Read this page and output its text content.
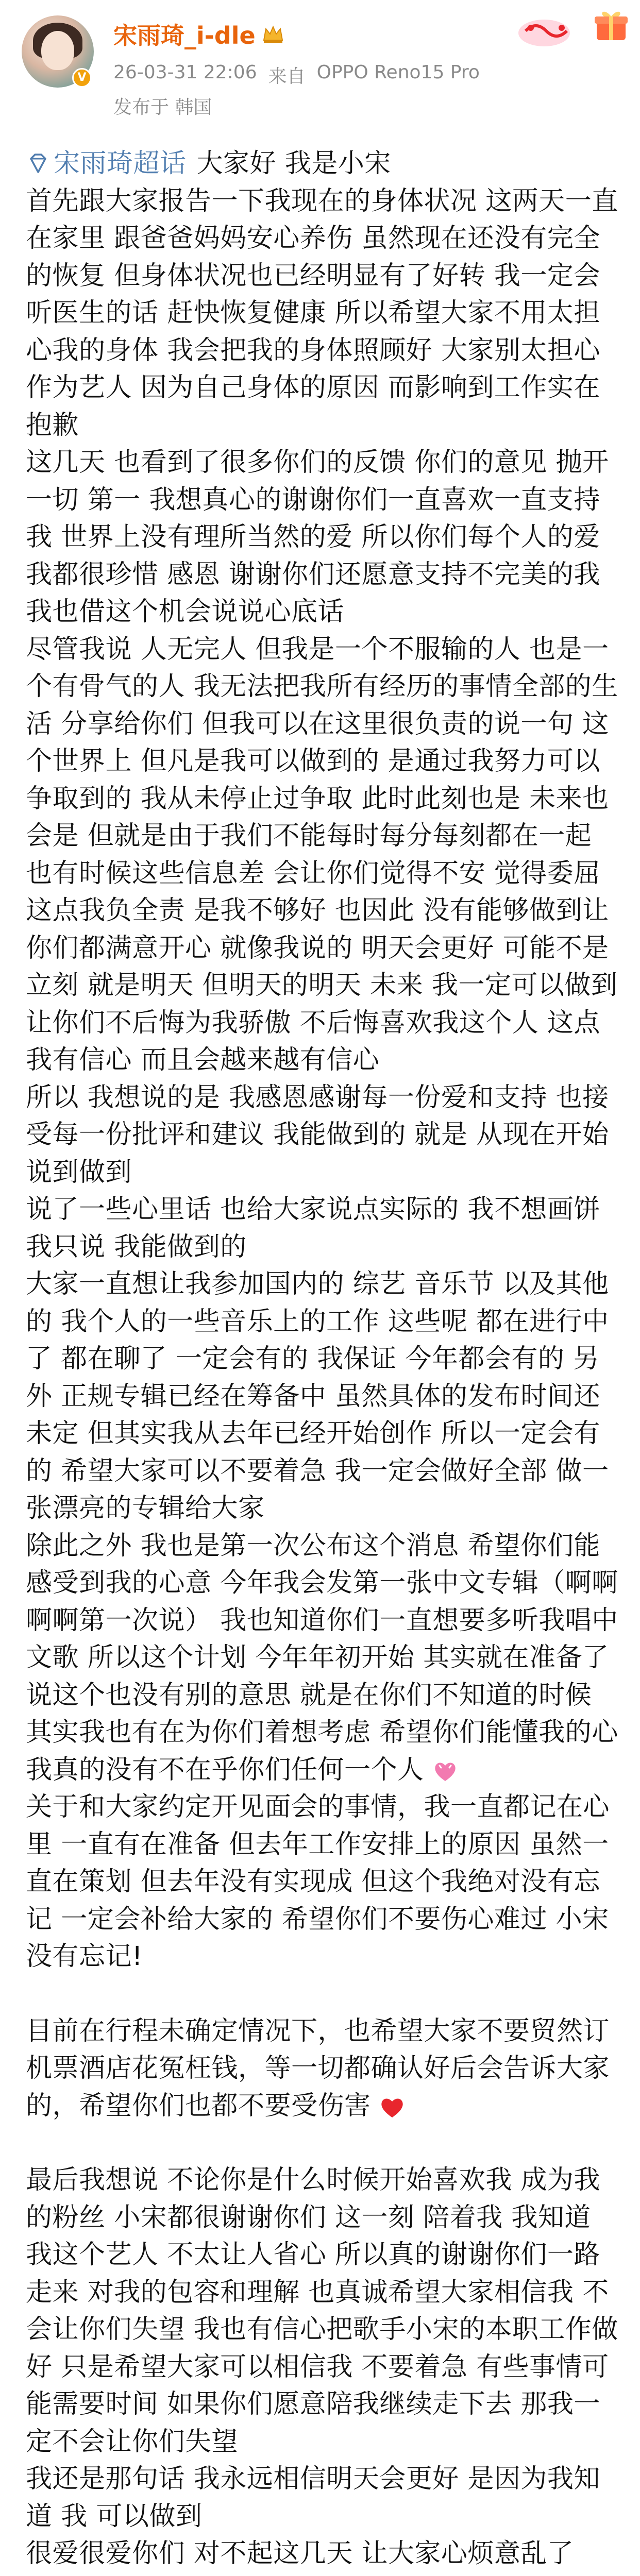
V
宋雨琦_i-dle
26-03-31 22:06 来自 OPPO Reno15 Pro
发布于 韩国

宋雨琦超话 大家好 我是小宋

首先跟大家报告一下我现在的身体状况 这两天一直在家里 跟爸爸妈妈安心养伤 虽然现在还没有完全的恢复 但身体状况也已经明显有了好转 我一定会听医生的话 赶快恢复健康 所以希望大家不用太担心我的身体 我会把我的身体照顾好 大家别太担心 作为艺人 因为自己身体的原因 而影响到工作实在抱歉

这几天 也看到了很多你们的反馈 你们的意见 抛开一切 第一 我想真心的谢谢你们一直喜欢一直支持我 世界上没有理所当然的爱 所以你们每个人的爱 我都很珍惜 感恩 谢谢你们还愿意支持不完美的我

我也借这个机会说说心底话

尽管我说 人无完人 但我是一个不服输的人 也是一个有骨气的人 我无法把我所有经历的事情全部的生活 分享给你们 但我可以在这里很负责的说一句 这个世界上 但凡是我可以做到的 是通过我努力可以争取到的 我从未停止过争取 此时此刻也是 未来也会是 但就是由于我们不能每时每分每刻都在一起 也有时候这些信息差 会让你们觉得不安 觉得委屈 这点我负全责 是我不够好 也因此 没有能够做到让你们都满意开心 就像我说的 明天会更好 可能不是立刻 就是明天 但明天的明天 未来 我一定可以做到让你们不后悔为我骄傲 不后悔喜欢我这个人 这点我有信心 而且会越来越有信心

所以 我想说的是 我感恩感谢每一份爱和支持 也接受每一份批评和建议 我能做到的 就是 从现在开始说到做到

说了一些心里话 也给大家说点实际的 我不想画饼 我只说 我能做到的

大家一直想让我参加国内的 综艺 音乐节 以及其他的 我个人的一些音乐上的工作 这些呢 都在进行中了 都在聊了 一定会有的 我保证 今年都会有的 另外 正规专辑已经在筹备中 虽然具体的发布时间还未定 但其实我从去年已经开始创作 所以一定会有的 希望大家可以不要着急 我一定会做好全部 做一张漂亮的专辑给大家

除此之外 我也是第一次公布这个消息 希望你们能感受到我的心意 今年我会发第一张中文专辑（啊啊啊啊第一次说） 我也知道你们一直想要多听我唱中文歌 所以这个计划 今年年初开始 其实就在准备了 说这个也没有别的意思 就是在你们不知道的时候 其实我也有在为你们着想考虑 希望你们能懂我的心 我真的没有不在乎你们任何一个人

关于和大家约定开见面会的事情，我一直都记在心里 一直有在准备 但去年工作安排上的原因 虽然一直在策划 但去年没有实现成 但这个我绝对没有忘记 一定会补给大家的 希望你们不要伤心难过 小宋没有忘记!

目前在行程未确定情况下，也希望大家不要贸然订机票酒店花冤枉钱，等一切都确认好后会告诉大家的，希望你们也都不要受伤害

最后我想说 不论你是什么时候开始喜欢我 成为我的粉丝 小宋都很谢谢你们 这一刻 陪着我 我知道 我这个艺人 不太让人省心 所以真的谢谢你们一路走来 对我的包容和理解 也真诚希望大家相信我 不会让你们失望 我也有信心把歌手小宋的本职工作做好 只是希望大家可以相信我 不要着急 有些事情可能需要时间 如果你们愿意陪我继续走下去 那我一定不会让你们失望

我还是那句话 我永远相信明天会更好 是因为我知道 我 可以做到

很爱很爱你们 对不起这几天 让大家心烦意乱了
